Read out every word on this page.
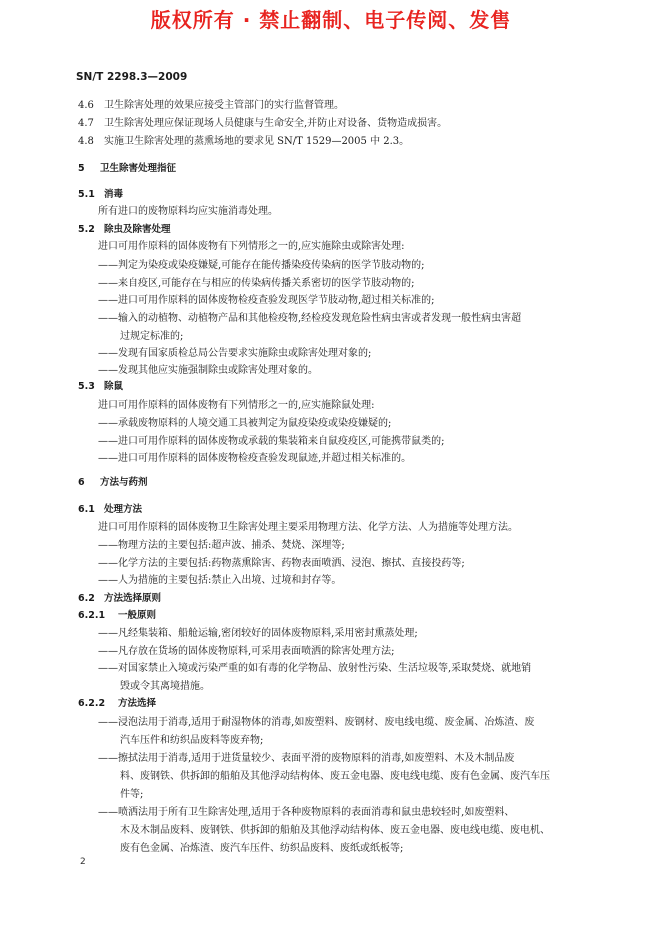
版权所有 · 禁止翻制、电子传阅、发售
SN/T 2298.3—2009
4.6 卫生除害处理的效果应接受主管部门的实行监督管理。
4.7 卫生除害处理应保证现场人员健康与生命安全,并防止对设备、货物造成损害。
4.8 实施卫生除害处理的蒸熏场地的要求见 SN/T 1529—2005 中 2.3。
5 卫生除害处理指征
5.1 消毒
所有进口的废物原料均应实施消毒处理。
5.2 除虫及除害处理
进口可用作原料的固体废物有下列情形之一的,应实施除虫或除害处理:
——判定为染疫或染疫嫌疑,可能存在能传播染疫传染病的医学节肢动物的;
——来自疫区,可能存在与相应的传染病传播关系密切的医学节肢动物的;
——进口可用作原料的固体废物检疫查验发现医学节肢动物,超过相关标准的;
——输入的动植物、动植物产品和其他检疫物,经检疫发现危险性病虫害或者发现一般性病虫害超
过规定标准的;
——发现有国家质检总局公告要求实施除虫或除害处理对象的;
——发现其他应实施强制除虫或除害处理对象的。
5.3 除鼠
进口可用作原料的固体废物有下列情形之一的,应实施除鼠处理:
——承载废物原料的人境交通工具被判定为鼠疫染疫或染疫嫌疑的;
——进口可用作原料的固体废物或承载的集装箱来自鼠疫疫区,可能携带鼠类的;
——进口可用作原料的固体废物检疫查验发现鼠迹,并超过相关标准的。
6 方法与药剂
6.1 处理方法
进口可用作原料的固体废物卫生除害处理主要采用物理方法、化学方法、人为措施等处理方法。
——物理方法的主要包括:超声波、捕杀、焚烧、深埋等;
——化学方法的主要包括:药物蒸熏除害、药物表面喷洒、浸泡、擦拭、直接投药等;
——人为措施的主要包括:禁止入出境、过境和封存等。
6.2 方法选择原则
6.2.1 一般原则
——凡经集装箱、船舱运输,密闭较好的固体废物原料,采用密封熏蒸处理;
——凡存放在货场的固体废物原料,可采用表面喷洒的除害处理方法;
——对国家禁止入境或污染严重的如有毒的化学物品、放射性污染、生活垃圾等,采取焚烧、就地销
毁或令其离境措施。
6.2.2 方法选择
——浸泡法用于消毒,适用于耐湿物体的消毒,如废塑料、废钢材、废电线电缆、废金属、冶炼渣、废
汽车压件和纺织品废料等废弃物;
——擦拭法用于消毒,适用于进货量较少、表面平滑的废物原料的消毒,如废塑料、木及木制品废
料、废钢铁、供拆卸的船舶及其他浮动结构体、废五金电器、废电线电缆、废有色金属、废汽车压
件等;
——喷洒法用于所有卫生除害处理,适用于各种废物原料的表面消毒和鼠虫患较轻时,如废塑料、
木及木制品废料、废钢铁、供拆卸的船舶及其他浮动结构体、废五金电器、废电线电缆、废电机、
废有色金属、冶炼渣、废汽车压件、纺织品废料、废纸或纸板等;
2
